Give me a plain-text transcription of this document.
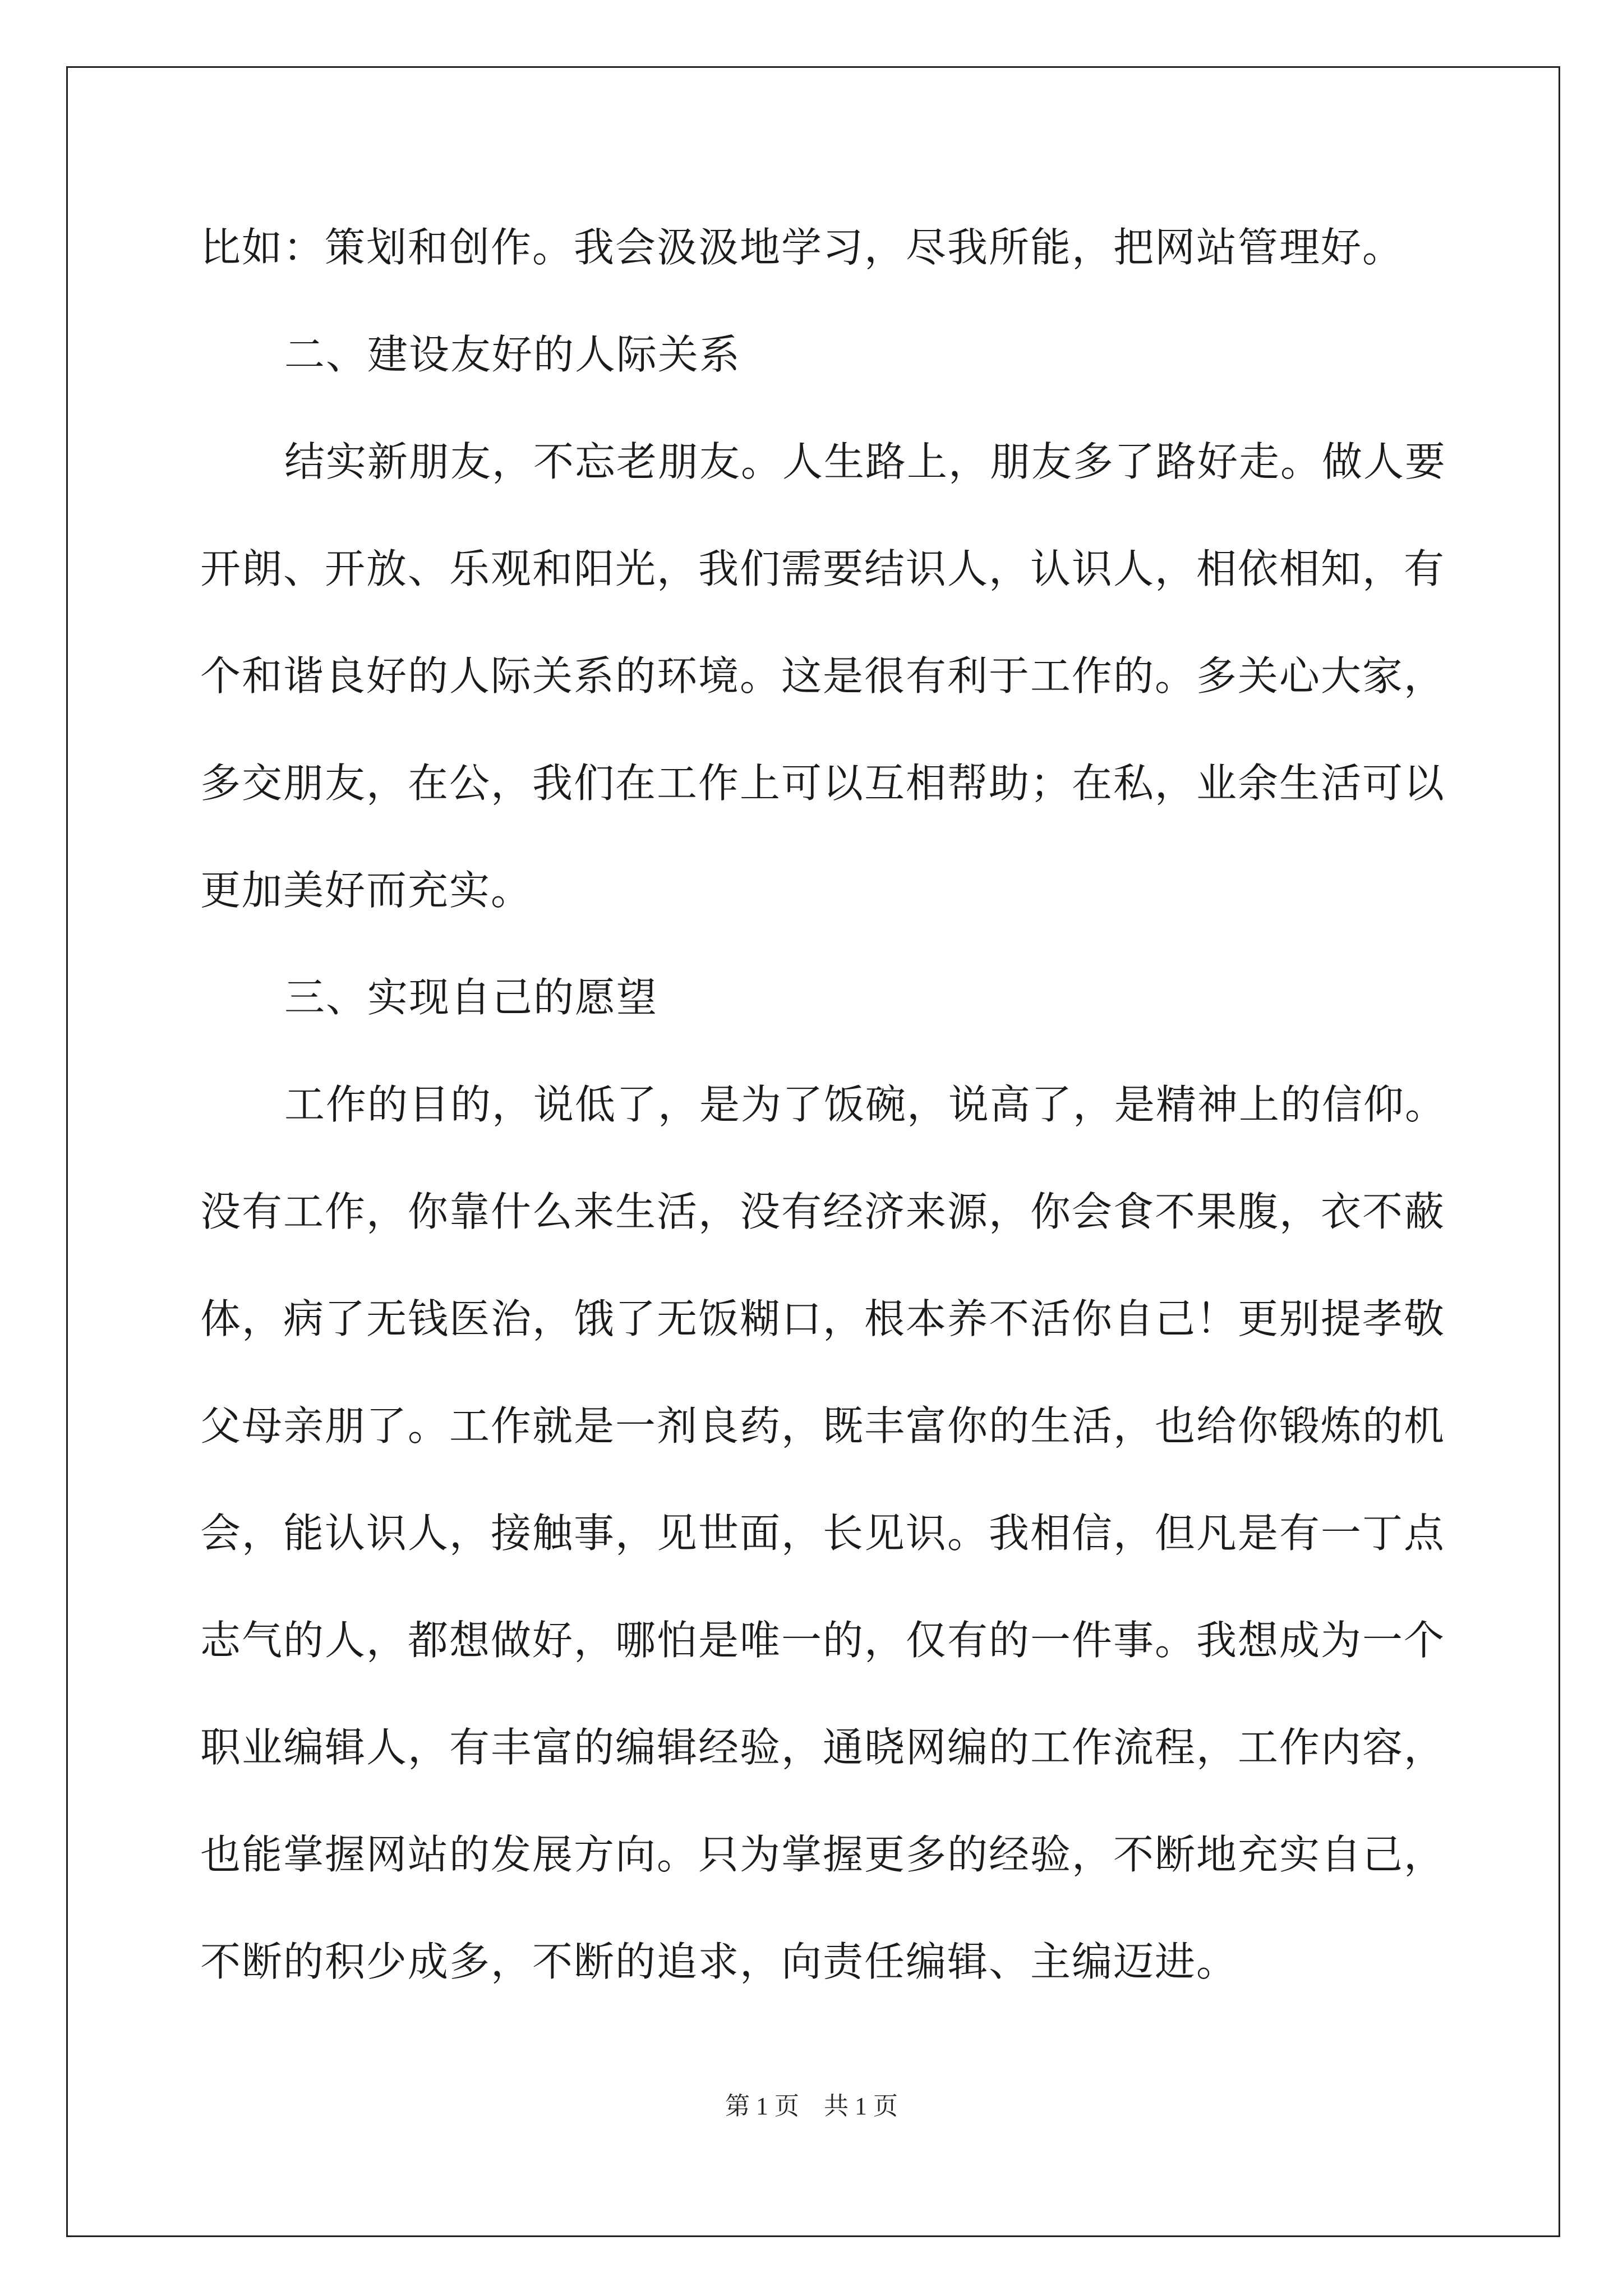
比如：策划和创作。我会汲汲地学习，尽我所能，把网站管理好。
二、建设友好的人际关系
结实新朋友，不忘老朋友。人生路上，朋友多了路好走。做人要
开朗、开放、乐观和阳光，我们需要结识人，认识人，相依相知，有
个和谐良好的人际关系的环境。这是很有利于工作的。多关心大家，
多交朋友，在公，我们在工作上可以互相帮助；在私，业余生活可以
更加美好而充实。
三、实现自己的愿望
工作的目的，说低了，是为了饭碗，说高了，是精神上的信仰。
没有工作，你靠什么来生活，没有经济来源，你会食不果腹，衣不蔽
体，病了无钱医治，饿了无饭糊口，根本养不活你自己！更别提孝敬
父母亲朋了。工作就是一剂良药，既丰富你的生活，也给你锻炼的机
会，能认识人，接触事，见世面，长见识。我相信，但凡是有一丁点
志气的人，都想做好，哪怕是唯一的，仅有的一件事。我想成为一个
职业编辑人，有丰富的编辑经验，通晓网编的工作流程，工作内容，
也能掌握网站的发展方向。只为掌握更多的经验，不断地充实自己，
不断的积少成多，不断的追求，向责任编辑、主编迈进。
第 1 页　共 1 页
